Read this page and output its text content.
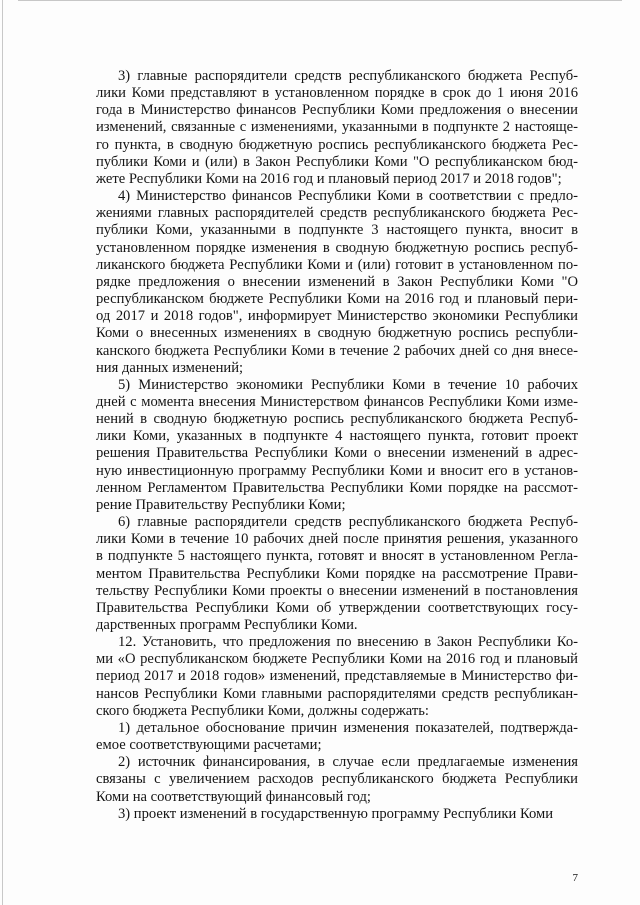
3) главные распорядители средств республиканского бюджета Респуб-
лики Коми представляют в установленном порядке в срок до 1 июня 2016
года в Министерство финансов Республики Коми предложения о внесении
изменений, связанные с изменениями, указанными в подпункте 2 настояще-
го пункта, в сводную бюджетную роспись республиканского бюджета Рес-
публики Коми и (или) в Закон Республики Коми "О республиканском бюд-
жете Республики Коми на 2016 год и плановый период 2017 и 2018 годов";
4) Министерство финансов Республики Коми в соответствии с предло-
жениями главных распорядителей средств республиканского бюджета Рес-
публики Коми, указанными в подпункте 3 настоящего пункта, вносит в
установленном порядке изменения в сводную бюджетную роспись респуб-
ликанского бюджета Республики Коми и (или) готовит в установленном по-
рядке предложения о внесении изменений в Закон Республики Коми "О
республиканском бюджете Республики Коми на 2016 год и плановый пери-
од 2017 и 2018 годов", информирует Министерство экономики Республики
Коми о внесенных изменениях в сводную бюджетную роспись республи-
канского бюджета Республики Коми в течение 2 рабочих дней со дня внесе-
ния данных изменений;
5) Министерство экономики Республики Коми в течение 10 рабочих
дней с момента внесения Министерством финансов Республики Коми изме-
нений в сводную бюджетную роспись республиканского бюджета Респуб-
лики Коми, указанных в подпункте 4 настоящего пункта, готовит проект
решения Правительства Республики Коми о внесении изменений в адрес-
ную инвестиционную программу Республики Коми и вносит его в установ-
ленном Регламентом Правительства Республики Коми порядке на рассмот-
рение Правительству Республики Коми;
6) главные распорядители средств республиканского бюджета Респуб-
лики Коми в течение 10 рабочих дней после принятия решения, указанного
в подпункте 5 настоящего пункта, готовят и вносят в установленном Регла-
ментом Правительства Республики Коми порядке на рассмотрение Прави-
тельству Республики Коми проекты о внесении изменений в постановления
Правительства Республики Коми об утверждении соответствующих госу-
дарственных программ Республики Коми.
12. Установить, что предложения по внесению в Закон Республики Ко-
ми «О республиканском бюджете Республики Коми на 2016 год и плановый
период 2017 и 2018 годов» изменений, представляемые в Министерство фи-
нансов Республики Коми главными распорядителями средств республикан-
ского бюджета Республики Коми, должны содержать:
1) детальное обоснование причин изменения показателей, подтвержда-
емое соответствующими расчетами;
2) источник финансирования, в случае если предлагаемые изменения
связаны с увеличением расходов республиканского бюджета Республики
Коми на соответствующий финансовый год;
3) проект изменений в государственную программу Республики Коми
7
